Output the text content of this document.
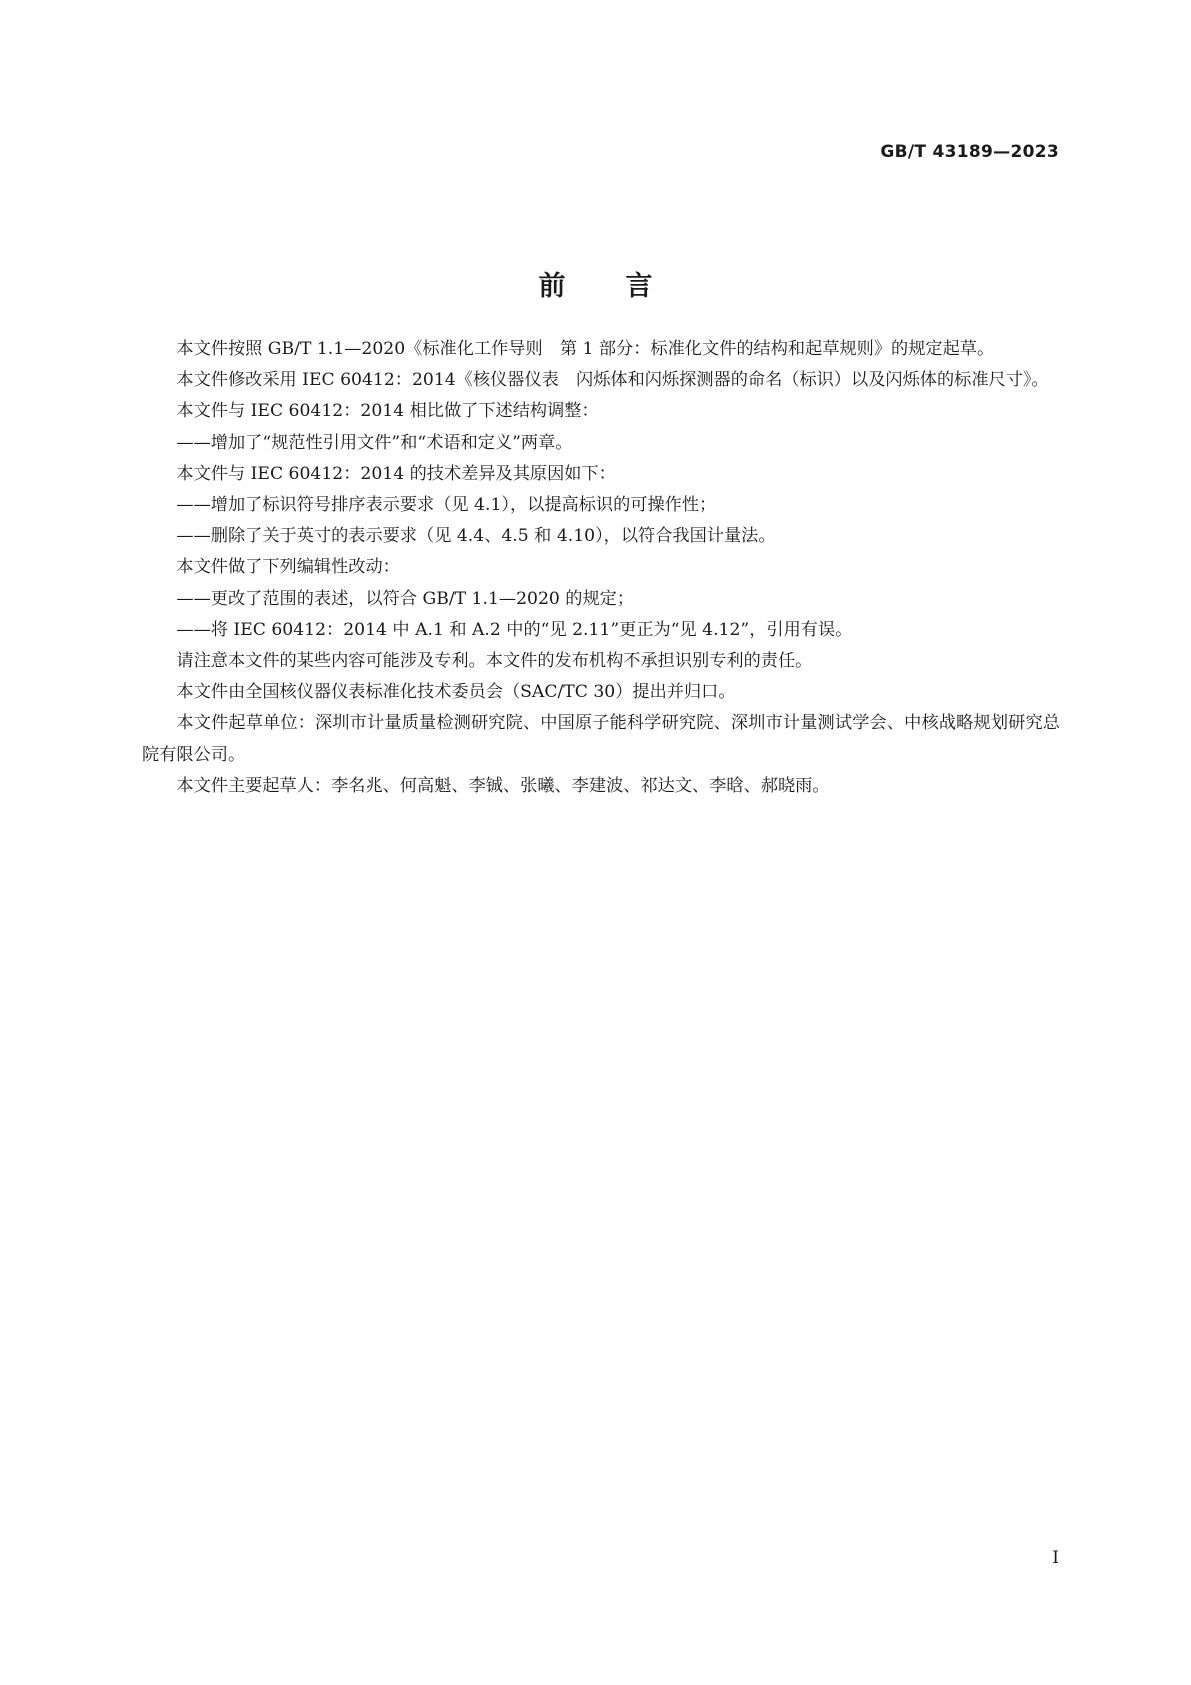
GB/T 43189—2023
前言

本文件按照 GB/T 1.1—2020《标准化工作导则　第 1 部分：标准化文件的结构和起草规则》的规定起草。

本文件修改采用 IEC 60412：2014《核仪器仪表　闪烁体和闪烁探测器的命名（标识）以及闪烁体的标准尺寸》。

本文件与 IEC 60412：2014 相比做了下述结构调整：

——增加了“规范性引用文件”和“术语和定义”两章。

本文件与 IEC 60412：2014 的技术差异及其原因如下：

——增加了标识符号排序表示要求（见 4.1），以提高标识的可操作性；

——删除了关于英寸的表示要求（见 4.4、4.5 和 4.10），以符合我国计量法。

本文件做了下列编辑性改动：

——更改了范围的表述，以符合 GB/T 1.1—2020 的规定；

——将 IEC 60412：2014 中 A.1 和 A.2 中的“见 2.11”更正为“见 4.12”，引用有误。

请注意本文件的某些内容可能涉及专利。本文件的发布机构不承担识别专利的责任。

本文件由全国核仪器仪表标准化技术委员会（SAC/TC 30）提出并归口。

本文件起草单位：深圳市计量质量检测研究院、中国原子能科学研究院、深圳市计量测试学会、中核战略规划研究总院有限公司。

本文件主要起草人：李名兆、何高魁、李铖、张曦、李建波、祁达文、李晗、郝晓雨。

I
